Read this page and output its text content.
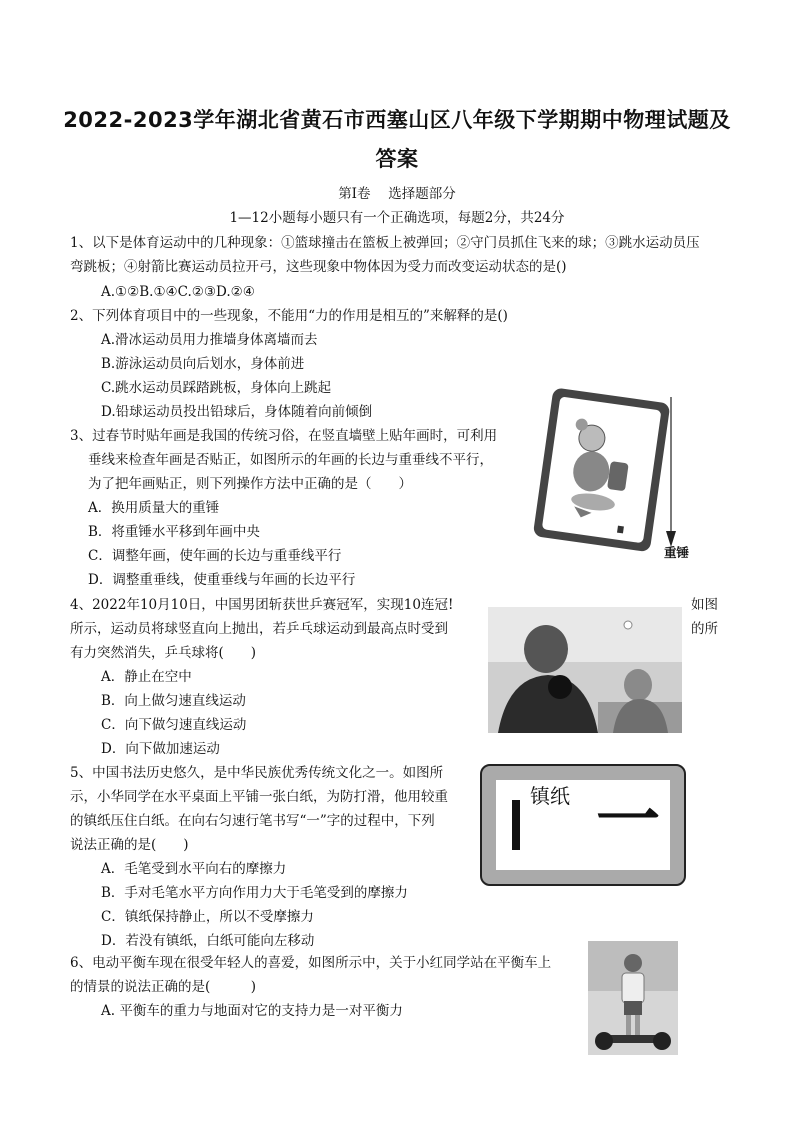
2022-2023学年湖北省黄石市西塞山区八年级下学期期中物理试题及
答案
第Ⅰ卷　 选择题部分
1—12小题每小题只有一个正确选项，每题2分，共24分
1、以下是体育运动中的几种现象：①篮球撞击在篮板上被弹回；②守门员抓住飞来的球；③跳水运动员压
弯跳板；④射箭比赛运动员拉开弓，这些现象中物体因为受力而改变运动状态的是()
A.①②B.①④C.②③D.②④
2、下列体育项目中的一些现象，不能用“力的作用是相互的”来解释的是()
A.滑冰运动员用力推墙身体离墙而去
B.游泳运动员向后划水，身体前进
C.跳水运动员踩踏跳板，身体向上跳起
D.铅球运动员投出铅球后，身体随着向前倾倒
3、过春节时贴年画是我国的传统习俗，在竖直墙壁上贴年画时，可利用
垂线来检查年画是否贴正，如图所示的年画的长边与重垂线不平行，
为了把年画贴正，则下列操作方法中正确的是（　　）
A．换用质量大的重锤
B．将重锤水平移到年画中央
C．调整年画，使年画的长边与重垂线平行
D．调整重垂线，使重垂线与年画的长边平行
重锤
4、2022年10月10日，中国男团斩获世乒赛冠军，实现10连冠!	如图
所示，运动员将球竖直向上抛出，若乒乓球运动到最高点时受到	的所
有力突然消失，乒乓球将(　　)
A．静止在空中
B．向上做匀速直线运动
C．向下做匀速直线运动
D．向下做加速运动
5、中国书法历史悠久，是中华民族优秀传统文化之一。如图所
示，小华同学在水平桌面上平铺一张白纸，为防打滑，他用较重
的镇纸压住白纸。在向右匀速行笔书写“一”字的过程中，下列
说法正确的是(　　)
A．毛笔受到水平向右的摩擦力
B．手对毛笔水平方向作用力大于毛笔受到的摩擦力
C．镇纸保持静止，所以不受摩擦力
D．若没有镇纸，白纸可能向左移动
镇纸 一
6、电动平衡车现在很受年轻人的喜爱，如图所示中，关于小红同学站在平衡车上
的情景的说法正确的是(　　　)
A. 平衡车的重力与地面对它的支持力是一对平衡力
